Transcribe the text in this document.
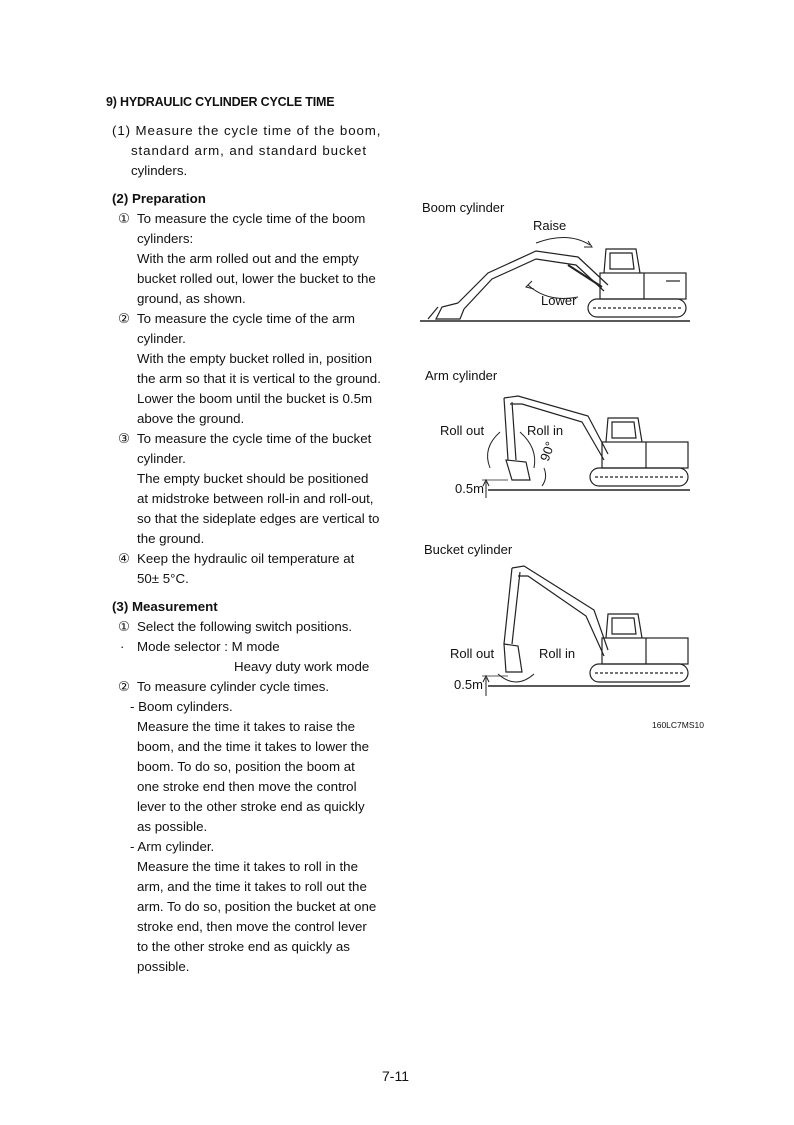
9) HYDRAULIC CYLINDER CYCLE TIME
(1) Measure the cycle time of the boom,
standard arm, and standard bucket
cylinders.
(2) Preparation
① To measure the cycle time of the boom
cylinders:
With the arm rolled out and the empty
bucket rolled out, lower the bucket to the
ground, as shown.
② To measure the cycle time of the arm
cylinder.
With the empty bucket rolled in, position
the arm so that it is vertical to the ground.
Lower the boom until the bucket is 0.5m
above the ground.
③ To measure the cycle time of the bucket
cylinder.
The empty bucket should be positioned
at midstroke between roll-in and roll-out,
so that the sideplate edges are vertical to
the ground.
④ Keep the hydraulic oil temperature at
50± 5°C.
(3) Measurement
① Select the following switch positions.
· Mode selector : M mode
Heavy duty work mode
② To measure cylinder cycle times.
- Boom cylinders.
Measure the time it takes to raise the
boom, and the time it takes to lower the
boom. To do so, position the boom at
one stroke end then move the control
lever to the other stroke end as quickly
as possible.
- Arm cylinder.
Measure the time it takes to roll in the
arm, and the time it takes to roll out the
arm. To do so, position the bucket at one
stroke end, then move the control lever
to the other stroke end as quickly as
possible.
Boom cylinder
Raise
Lower
Arm cylinder
Roll out	Roll in
90°
0.5m
Bucket cylinder
Roll out	Roll in
0.5m
160LC7MS10
7-11
